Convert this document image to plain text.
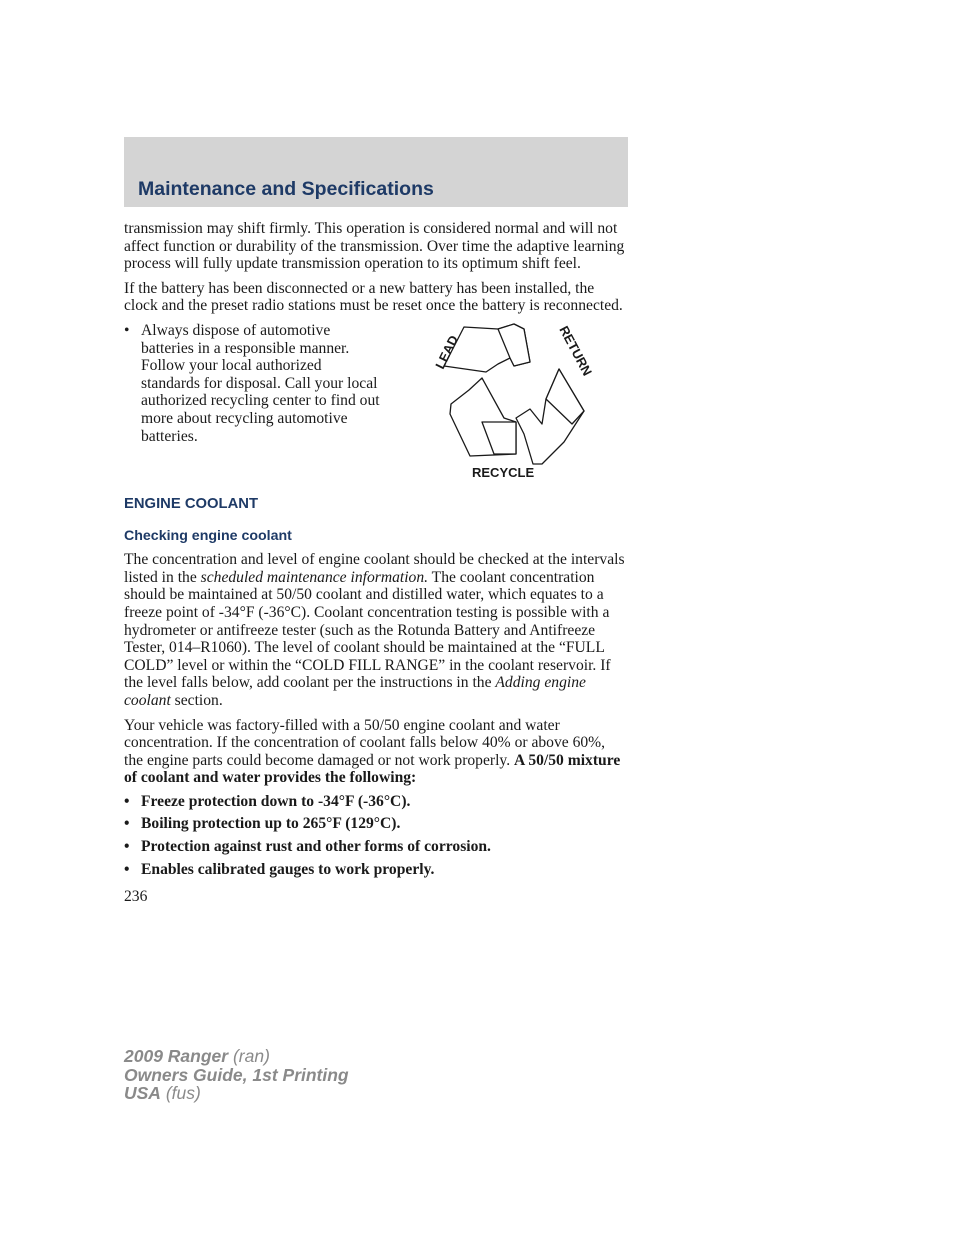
Maintenance and Specifications

transmission may shift firmly. This operation is considered normal and will not affect function or durability of the transmission. Over time the adaptive learning process will fully update transmission operation to its optimum shift feel.

If the battery has been disconnected or a new battery has been installed, the clock and the preset radio stations must be reset once the battery is reconnected.

• Always dispose of automotive batteries in a responsible manner. Follow your local authorized standards for disposal. Call your local authorized recycling center to find out more about recycling automotive batteries.
LEAD	RETURN
RECYCLE
ENGINE COOLANT
Checking engine coolant

The concentration and level of engine coolant should be checked at the intervals listed in the scheduled maintenance information. The coolant concentration should be maintained at 50/50 coolant and distilled water, which equates to a freeze point of -34°F (-36°C). Coolant concentration testing is possible with a hydrometer or antifreeze tester (such as the Rotunda Battery and Antifreeze Tester, 014–R1060). The level of coolant should be maintained at the “FULL COLD” level or within the “COLD FILL RANGE” in the coolant reservoir. If the level falls below, add coolant per the instructions in the Adding engine coolant section.

Your vehicle was factory-filled with a 50/50 engine coolant and water concentration. If the concentration of coolant falls below 40% or above 60%, the engine parts could become damaged or not work properly. A 50/50 mixture of coolant and water provides the following:

• Freeze protection down to -34°F (-36°C).
• Boiling protection up to 265°F (129°C).
• Protection against rust and other forms of corrosion.
• Enables calibrated gauges to work properly.
236
2009 Ranger (ran)
Owners Guide, 1st Printing
USA (fus)
